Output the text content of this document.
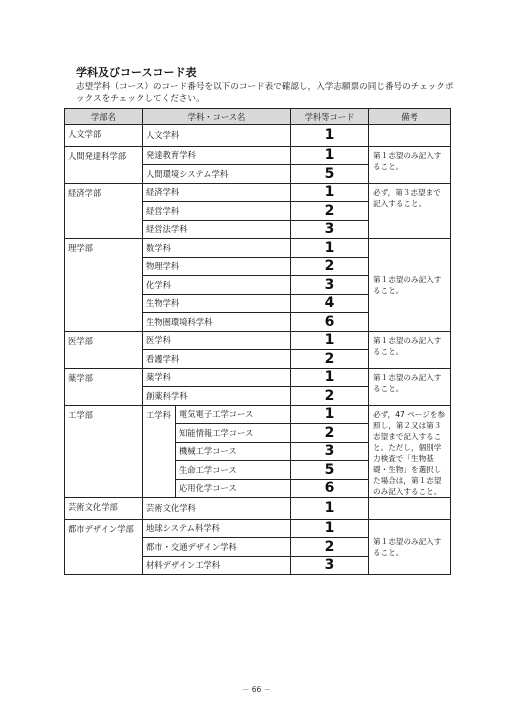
学科及びコースコード表
志望学科（コース）のコード番号を以下のコード表で確認し，入学志願票の同じ番号のチェックボックスをチェックしてください。
学部名	学科・コース名		学科等コード	備考
人文学部	人文学科		1	
人間発達科学部	発達教育学科		1	第１志望のみ記入すること。
	人間環境システム学科		5	
経済学部	経済学科		1	必ず，第３志望まで記入すること。
	経営学科		2	
	経営法学科		3	
理学部	数学科		1	第１志望のみ記入すること。
	物理学科		2	
	化学科		3	
	生物学科		4	
	生物圏環境科学科		6	
医学部	医学科		1	第１志望のみ記入すること。
	看護学科		2	
薬学部	薬学科		1	第１志望のみ記入すること。
	創薬科学科		2	
工学部	工学科	電気電子工学コース	1	必ず，47 ページを参照し，第２又は第３志望まで記入すること。ただし，個別学力検査で「生物基礎・生物」を選択した場合は，第１志望のみ記入すること。
		知能情報工学コース	2	
		機械工学コース	3	
		生命工学コース	5	
		応用化学コース	6	
芸術文化学部	芸術文化学科		1	
都市デザイン学部	地球システム科学科		1	第１志望のみ記入すること。
	都市・交通デザイン学科		2	
	材料デザイン工学科		3	
－ 66 －
